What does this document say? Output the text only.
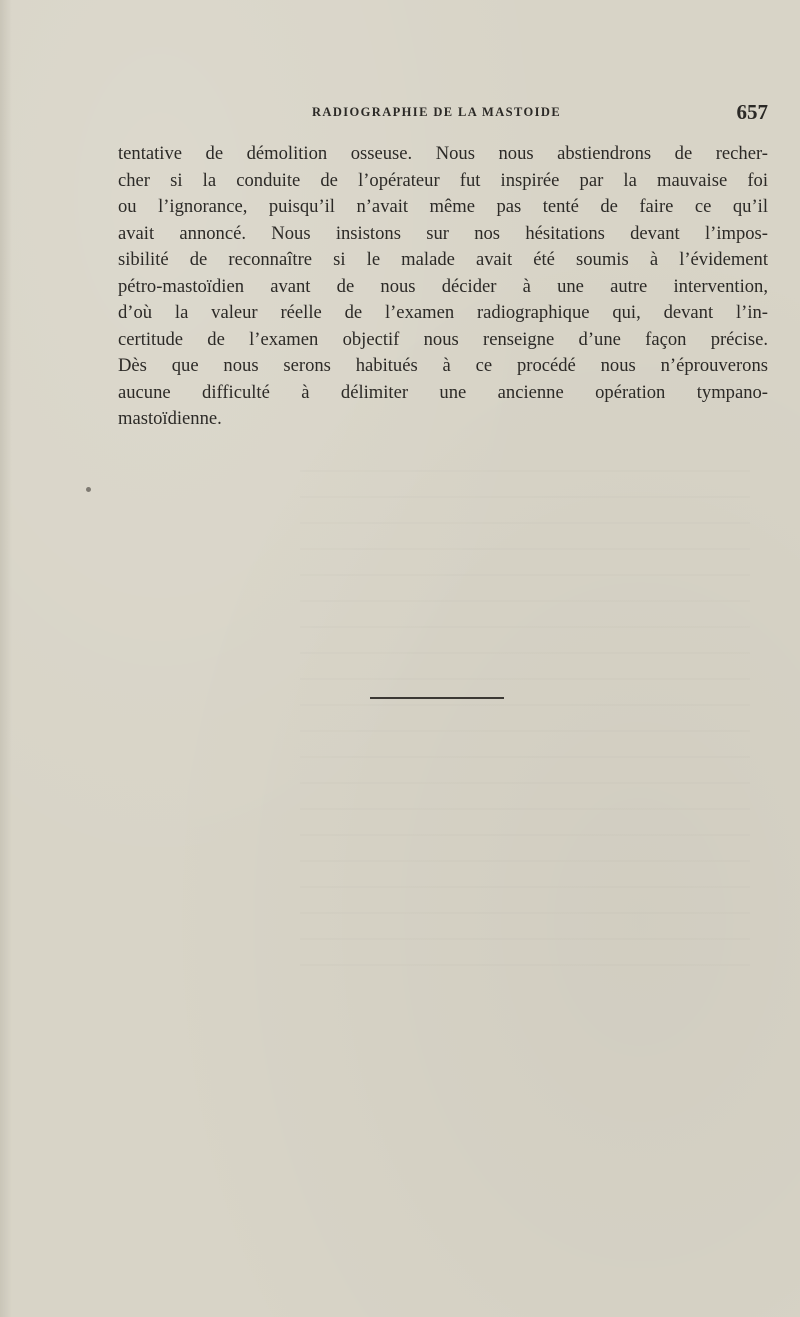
RADIOGRAPHIE DE LA MASTOIDE	657
tentative de démolition osseuse. Nous nous abstiendrons de recher-
cher si la conduite de l’opérateur fut inspirée par la mauvaise foi
ou l’ignorance, puisqu’il n’avait même pas tenté de faire ce qu’il
avait annoncé. Nous insistons sur nos hésitations devant l’impos-
sibilité de reconnaître si le malade avait été soumis à l’évidement
pétro-mastoïdien avant de nous décider à une autre intervention,
d’où la valeur réelle de l’examen radiographique qui, devant l’in-
certitude de l’examen objectif nous renseigne d’une façon précise.
Dès que nous serons habitués à ce procédé nous n’éprouverons
aucune difficulté à délimiter une ancienne opération tympano-
mastoïdienne.
